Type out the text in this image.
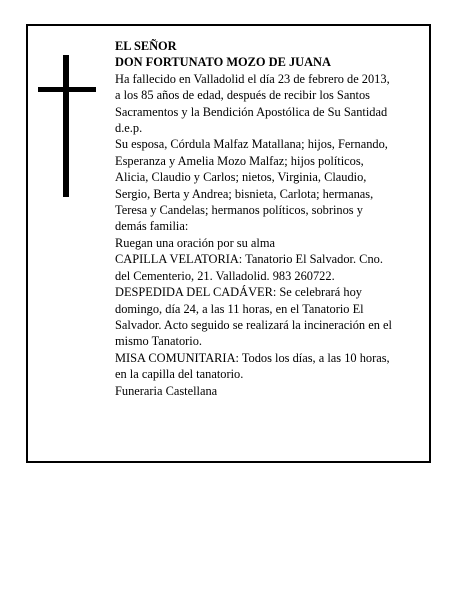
EL SEÑOR
DON FORTUNATO MOZO DE JUANA
Ha fallecido en Valladolid el día 23 de febrero de 2013,
a los 85 años de edad, después de recibir los Santos
Sacramentos y la Bendición Apostólica de Su Santidad
d.e.p.
Su esposa, Córdula Malfaz Matallana; hijos, Fernando,
Esperanza y Amelia Mozo Malfaz; hijos políticos,
Alicia, Claudio y Carlos; nietos, Virginia, Claudio,
Sergio, Berta y Andrea; bisnieta, Carlota; hermanas,
Teresa y Candelas; hermanos políticos, sobrinos y
demás familia:
Ruegan una oración por su alma
CAPILLA VELATORIA: Tanatorio El Salvador. Cno.
del Cementerio, 21. Valladolid. 983 260722.
DESPEDIDA DEL CADÁVER: Se celebrará hoy
domingo, día 24, a las 11 horas, en el Tanatorio El
Salvador. Acto seguido se realizará la incineración en el
mismo Tanatorio.
MISA COMUNITARIA: Todos los días, a las 10 horas,
en la capilla del tanatorio.
Funeraria Castellana
